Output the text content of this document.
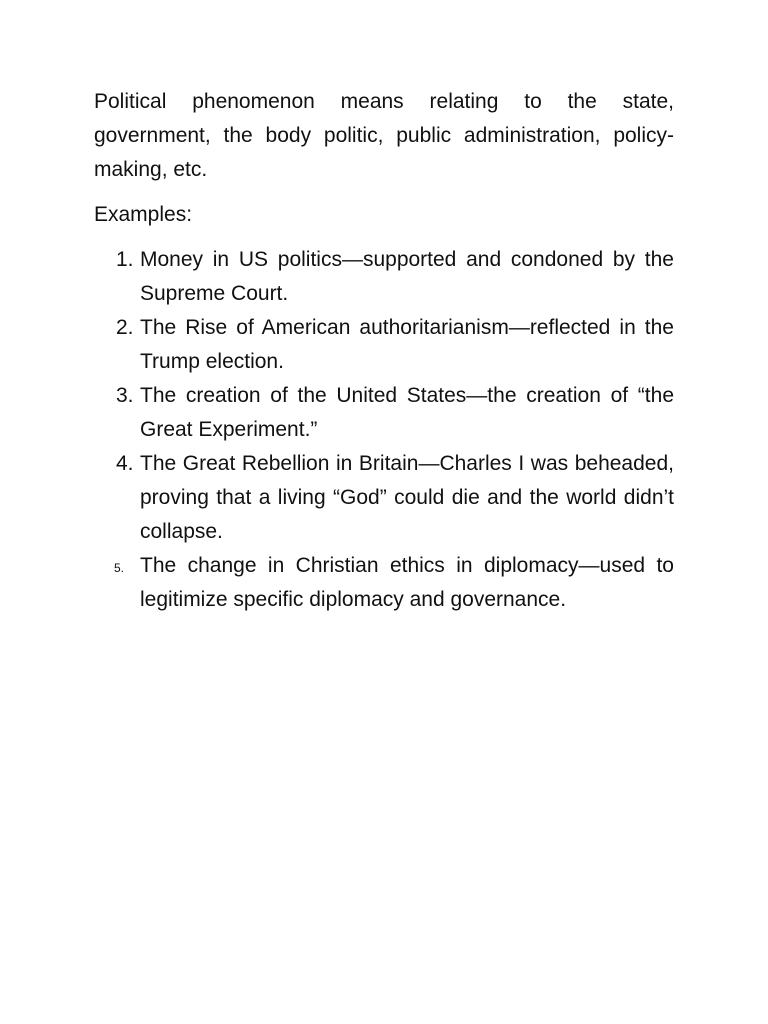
Political phenomenon means relating to the state, government, the body politic, public administration, policy-making, etc.

Examples:

1. Money in US politics—supported and condoned by the Supreme Court.
2. The Rise of American authoritarianism—reflected in the Trump election.
3. The creation of the United States—the creation of “the Great Experiment.”
4. The Great Rebellion in Britain—Charles I was beheaded, proving that a living “God” could die and the world didn’t collapse.
5. The change in Christian ethics in diplomacy—used to legitimize specific diplomacy and governance.
